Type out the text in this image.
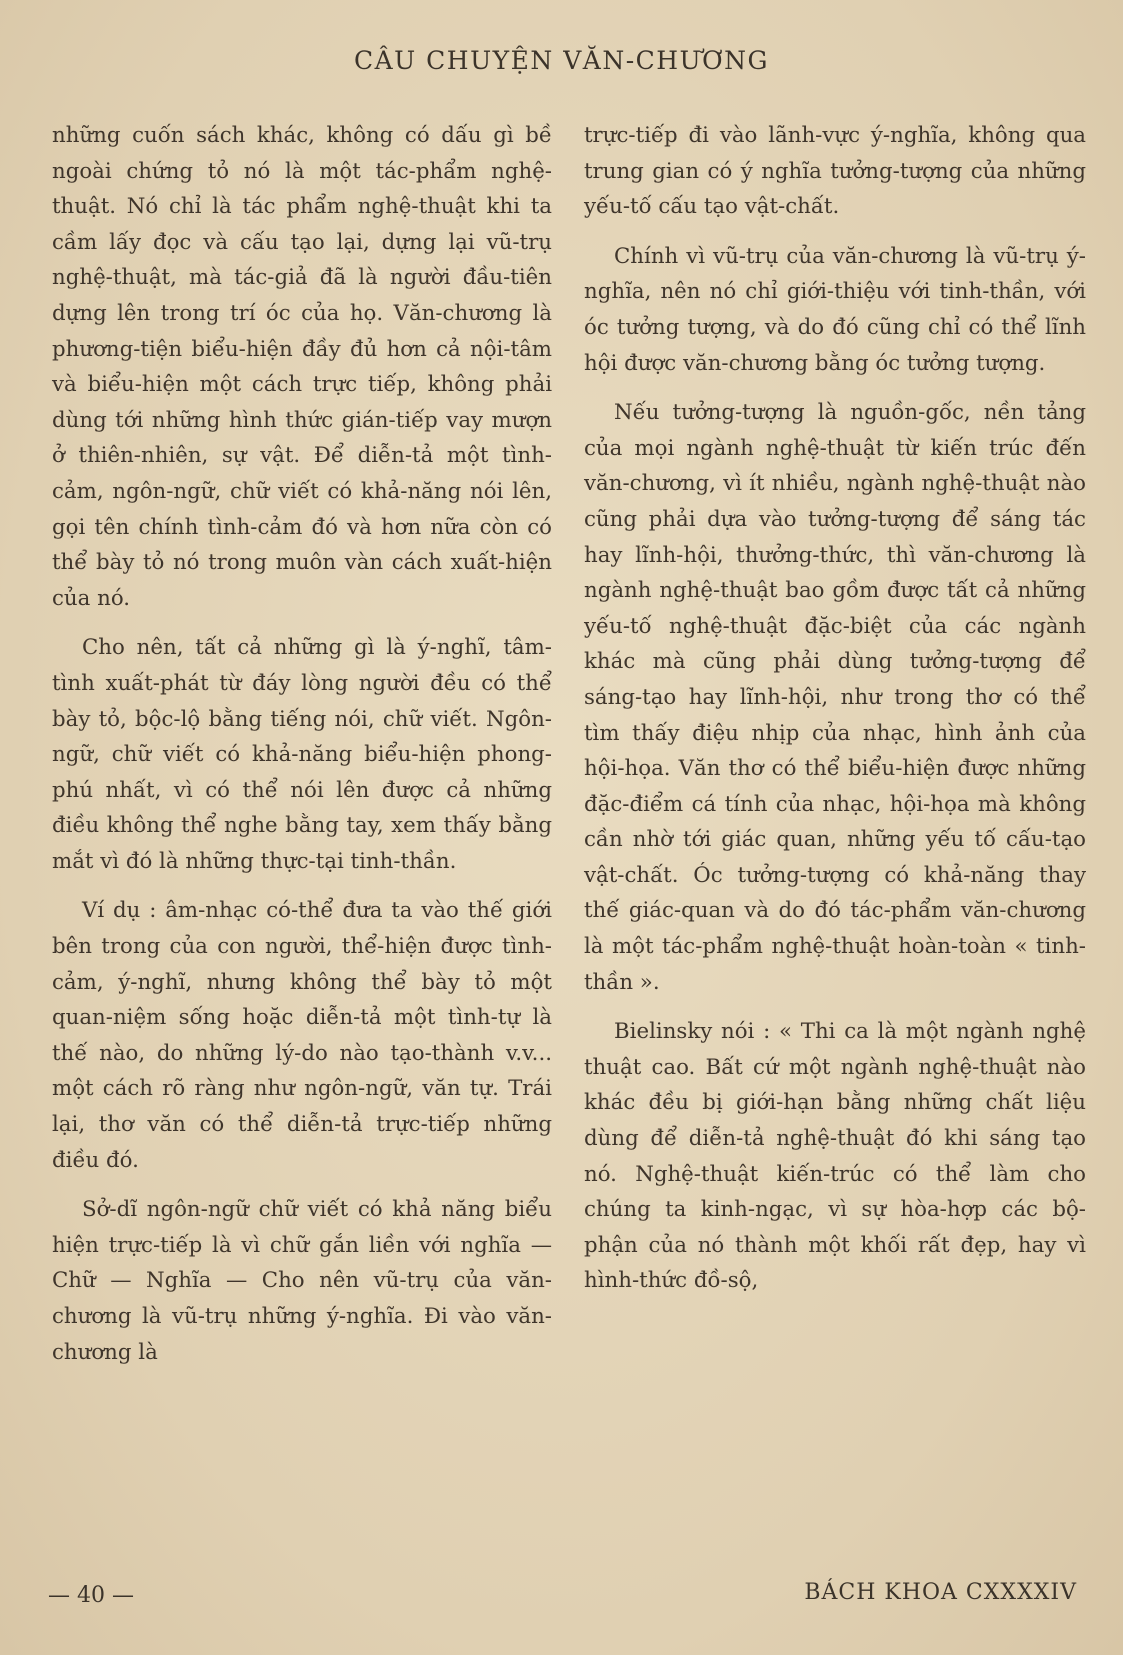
CÂU CHUYỆN VĂN-CHƯƠNG

những cuốn sách khác, không có dấu gì bề ngoài chứng tỏ nó là một tác-phẩm nghệ-thuật. Nó chỉ là tác phẩm nghệ-thuật khi ta cầm lấy đọc và cấu tạo lại, dựng lại vũ-trụ nghệ-thuật, mà tác-giả đã là người đầu-tiên dựng lên trong trí óc của họ. Văn-chương là phương-tiện biểu-hiện đầy đủ hơn cả nội-tâm và biểu-hiện một cách trực tiếp, không phải dùng tới những hình thức gián-tiếp vay mượn ở thiên-nhiên, sự vật. Để diễn-tả một tình-cảm, ngôn-ngữ, chữ viết có khả-năng nói lên, gọi tên chính tình-cảm đó và hơn nữa còn có thể bày tỏ nó trong muôn vàn cách xuất-hiện của nó.

Cho nên, tất cả những gì là ý-nghĩ, tâm-tình xuất-phát từ đáy lòng người đều có thể bày tỏ, bộc-lộ bằng tiếng nói, chữ viết. Ngôn-ngữ, chữ viết có khả-năng biểu-hiện phong-phú nhất, vì có thể nói lên được cả những điều không thể nghe bằng tay, xem thấy bằng mắt vì đó là những thực-tại tinh-thần.

Ví dụ : âm-nhạc có-thể đưa ta vào thế giới bên trong của con người, thể-hiện được tình-cảm, ý-nghĩ, nhưng không thể bày tỏ một quan-niệm sống hoặc diễn-tả một tình-tự là thế nào, do những lý-do nào tạo-thành v.v... một cách rõ ràng như ngôn-ngữ, văn tự. Trái lại, thơ văn có thể diễn-tả trực-tiếp những điều đó.

Sở-dĩ ngôn-ngữ chữ viết có khả năng biểu hiện trực-tiếp là vì chữ gắn liền với nghĩa — Chữ — Nghĩa — Cho nên vũ-trụ của văn-chương là vũ-trụ những ý-nghĩa. Đi vào văn-chương là

trực-tiếp đi vào lãnh-vực ý-nghĩa, không qua trung gian có ý nghĩa tưởng-tượng của những yếu-tố cấu tạo vật-chất.

Chính vì vũ-trụ của văn-chương là vũ-trụ ý-nghĩa, nên nó chỉ giới-thiệu với tinh-thần, với óc tưởng tượng, và do đó cũng chỉ có thể lĩnh hội được văn-chương bằng óc tưởng tượng.

Nếu tưởng-tượng là nguồn-gốc, nền tảng của mọi ngành nghệ-thuật từ kiến trúc đến văn-chương, vì ít nhiều, ngành nghệ-thuật nào cũng phải dựa vào tưởng-tượng để sáng tác hay lĩnh-hội, thưởng-thức, thì văn-chương là ngành nghệ-thuật bao gồm được tất cả những yếu-tố nghệ-thuật đặc-biệt của các ngành khác mà cũng phải dùng tưởng-tượng để sáng-tạo hay lĩnh-hội, như trong thơ có thể tìm thấy điệu nhịp của nhạc, hình ảnh của hội-họa. Văn thơ có thể biểu-hiện được những đặc-điểm cá tính của nhạc, hội-họa mà không cần nhờ tới giác quan, những yếu tố cấu-tạo vật-chất. Óc tưởng-tượng có khả-năng thay thế giác-quan và do đó tác-phẩm văn-chương là một tác-phẩm nghệ-thuật hoàn-toàn « tinh-thần ».

Bielinsky nói : « Thi ca là một ngành nghệ thuật cao. Bất cứ một ngành nghệ-thuật nào khác đều bị giới-hạn bằng những chất liệu dùng để diễn-tả nghệ-thuật đó khi sáng tạo nó. Nghệ-thuật kiến-trúc có thể làm cho chúng ta kinh-ngạc, vì sự hòa-hợp các bộ-phận của nó thành một khối rất đẹp, hay vì hình-thức đồ-sộ,

— 40 —	BÁCH KHOA CXXXXIV
